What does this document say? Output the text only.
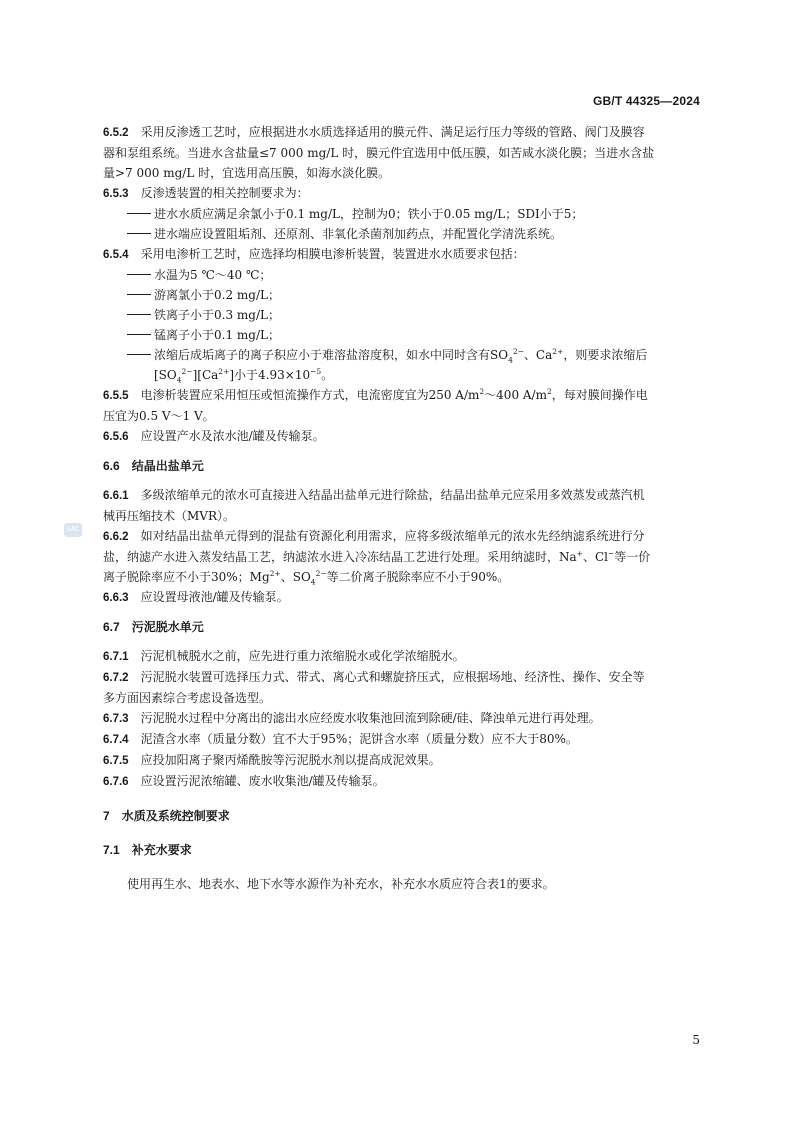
GB/T 44325—2024
SAC

6.5.2 采用反渗透工艺时，应根据进水水质选择适用的膜元件、满足运行压力等级的管路、阀门及膜容

器和泵组系统。当进水含盐量≤7 000 mg/L 时，膜元件宜选用中低压膜，如苦咸水淡化膜；当进水含盐

量>7 000 mg/L 时，宜选用高压膜，如海水淡化膜。

6.5.3 反渗透装置的相关控制要求为：

进水水质应满足余氯小于0.1 mg/L，控制为0；铁小于0.05 mg/L；SDI小于5；

进水端应设置阻垢剂、还原剂、非氧化杀菌剂加药点，并配置化学清洗系统。

6.5.4 采用电渗析工艺时，应选择均相膜电渗析装置，装置进水水质要求包括：

水温为5 ℃～40 ℃；

游离氯小于0.2 mg/L；

铁离子小于0.3 mg/L；

锰离子小于0.1 mg/L；

浓缩后成垢离子的离子积应小于难溶盐溶度积，如水中同时含有$SO_4^{2-}$、$Ca^{2+}$，则要求浓缩后

$[SO_4^{2-}][Ca^{2+}]$小于$4.93\times 10^{-5}$。

6.5.5 电渗析装置应采用恒压或恒流操作方式，电流密度宜为250 $A/m^2\sim 400$ $A/m^2$，每对膜间操作电

压宜为0.5 V～1 V。

6.5.6 应设置产水及浓水池/罐及传输泵。

6.6 结晶出盐单元

6.6.1 多级浓缩单元的浓水可直接进入结晶出盐单元进行除盐，结晶出盐单元应采用多效蒸发或蒸汽机

械再压缩技术（MVR）。

6.6.2 如对结晶出盐单元得到的混盐有资源化利用需求，应将多级浓缩单元的浓水先经纳滤系统进行分

盐，纳滤产水进入蒸发结晶工艺，纳滤浓水进入冷冻结晶工艺进行处理。采用纳滤时，Na+、Cl−等一价

离子脱除率应不小于30%；$Mg^{2+}$、$SO_4^{2-}$等二价离子脱除率应不小于90%。

6.6.3 应设置母液池/罐及传输泵。

6.7 污泥脱水单元

6.7.1 污泥机械脱水之前，应先进行重力浓缩脱水或化学浓缩脱水。

6.7.2 污泥脱水装置可选择压力式、带式、离心式和螺旋挤压式，应根据场地、经济性、操作、安全等

多方面因素综合考虑设备选型。

6.7.3 污泥脱水过程中分离出的滤出水应经废水收集池回流到除硬/硅、降浊单元进行再处理。

6.7.4 泥渣含水率（质量分数）宜不大于95%；泥饼含水率（质量分数）应不大于80%。

6.7.5 应投加阳离子聚丙烯酰胺等污泥脱水剂以提高成泥效果。

6.7.6 应设置污泥浓缩罐、废水收集池/罐及传输泵。

7 水质及系统控制要求

7.1 补充水要求

使用再生水、地表水、地下水等水源作为补充水，补充水水质应符合表1的要求。

5
